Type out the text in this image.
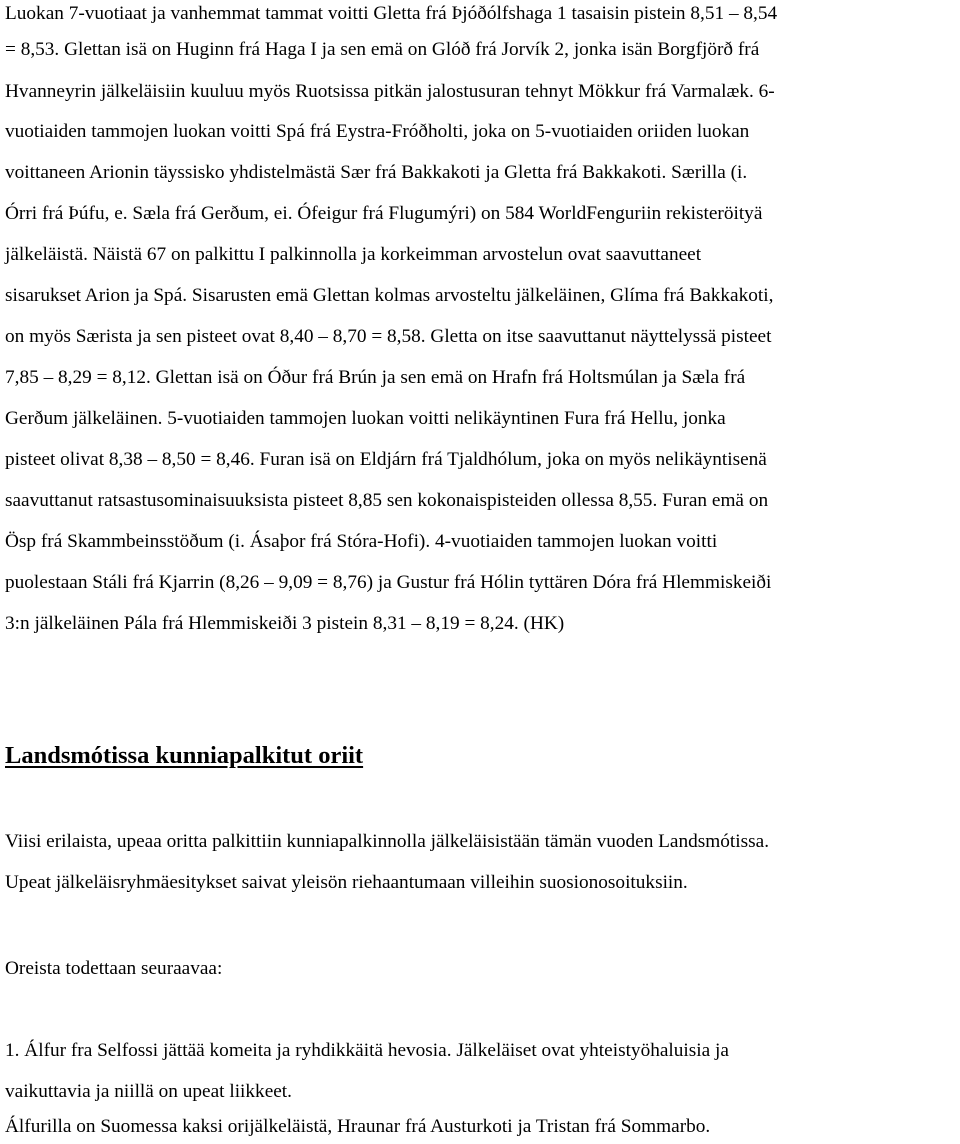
Luokan 7-vuotiaat ja vanhemmat tammat voitti Gletta frá Þjóðólfshaga 1 tasaisin pistein 8,51 – 8,54
= 8,53. Glettan isä on Huginn frá Haga I ja sen emä on Glóð frá Jorvík 2, jonka isän Borgfjörð frá
Hvanneyrin jälkeläisiin kuuluu myös Ruotsissa pitkän jalostusuran tehnyt Mökkur frá Varmalæk. 6-
vuotiaiden tammojen luokan voitti Spá frá Eystra-Fróðholti, joka on 5-vuotiaiden oriiden luokan
voittaneen Arionin täyssisko yhdistelmästä Sær frá Bakkakoti ja Gletta frá Bakkakoti. Særilla (i.
Órri frá Þúfu, e. Sæla frá Gerðum, ei. Ófeigur frá Flugumýri) on 584 WorldFenguriin rekisteröityä
jälkeläistä. Näistä 67 on palkittu I palkinnolla ja korkeimman arvostelun ovat saavuttaneet
sisarukset Arion ja Spá. Sisarusten emä Glettan kolmas arvosteltu jälkeläinen, Glíma frá Bakkakoti,
on myös Særista ja sen pisteet ovat 8,40 – 8,70 = 8,58. Gletta on itse saavuttanut näyttelyssä pisteet
7,85 – 8,29 = 8,12. Glettan isä on Óður frá Brún ja sen emä on Hrafn frá Holtsmúlan ja Sæla frá
Gerðum jälkeläinen. 5-vuotiaiden tammojen luokan voitti nelikäyntinen Fura frá Hellu, jonka
pisteet olivat 8,38 – 8,50 = 8,46. Furan isä on Eldjárn frá Tjaldhólum, joka on myös nelikäyntisenä
saavuttanut ratsastusominaisuuksista pisteet 8,85 sen kokonaispisteiden ollessa 8,55. Furan emä on
Ösp frá Skammbeinsstöðum (i. Ásaþor frá Stóra-Hofi). 4-vuotiaiden tammojen luokan voitti
puolestaan Stáli frá Kjarrin (8,26 – 9,09 = 8,76) ja Gustur frá Hólin tyttären Dóra frá Hlemmiskeiði
3:n jälkeläinen Pála frá Hlemmiskeiði 3 pistein 8,31 – 8,19 = 8,24. (HK)
Landsmótissa kunniapalkitut oriit
Viisi erilaista, upeaa oritta palkittiin kunniapalkinnolla jälkeläisistään tämän vuoden Landsmótissa.
Upeat jälkeläisryhmäesitykset saivat yleisön riehaantumaan villeihin suosionosoituksiin.
Oreista todettaan seuraavaa:
1. Álfur fra Selfossi jättää komeita ja ryhdikkäitä hevosia. Jälkeläiset ovat yhteistyöhaluisia ja
vaikuttavia ja niillä on upeat liikkeet.
Álfurilla on Suomessa kaksi orijälkeläistä, Hraunar frá Austurkoti ja Tristan frá Sommarbo.
